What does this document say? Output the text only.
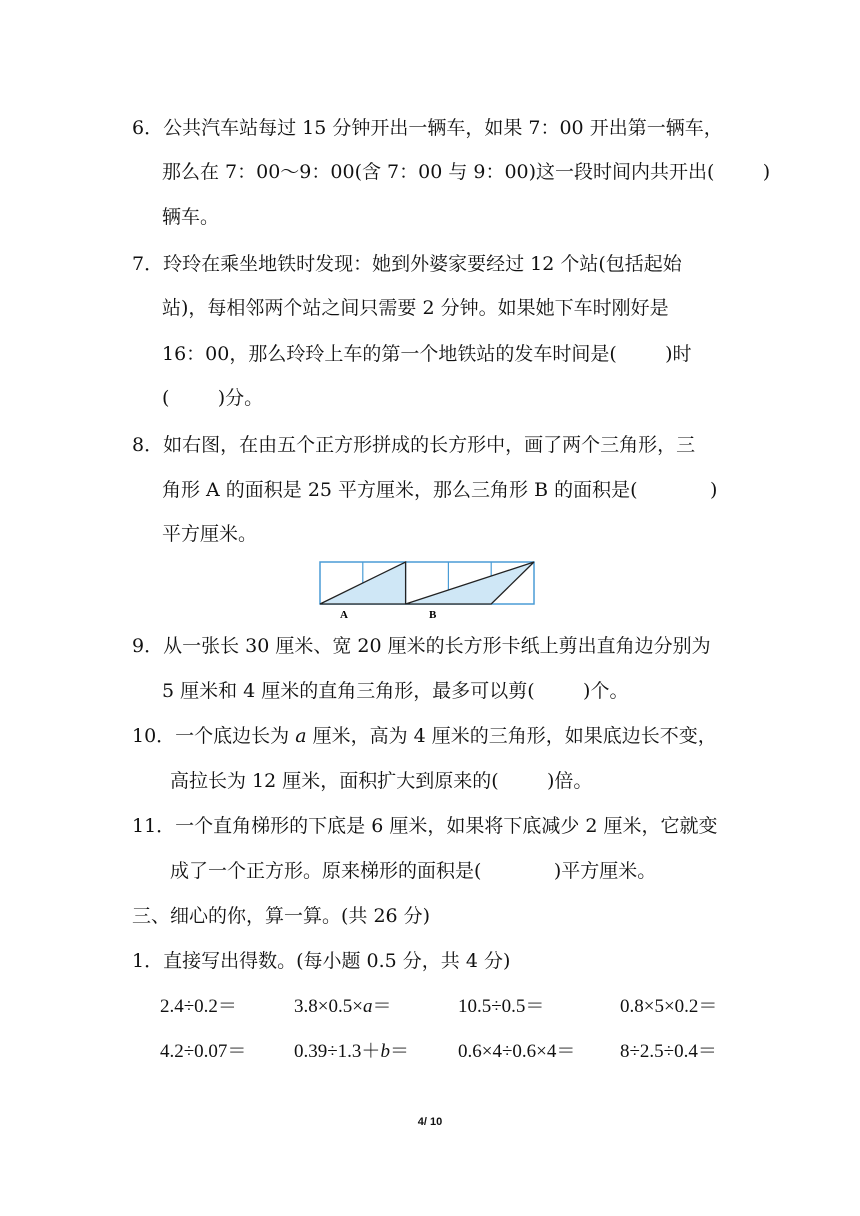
6．公共汽车站每过 15 分钟开出一辆车，如果 7：00 开出第一辆车，
那么在 7：00～9：00(含 7：00 与 9：00)这一段时间内共开出(        )
辆车。
7．玲玲在乘坐地铁时发现：她到外婆家要经过 12 个站(包括起始
站)，每相邻两个站之间只需要 2 分钟。如果她下车时刚好是
16：00，那么玲玲上车的第一个地铁站的发车时间是(        )时
(        )分。
8．如右图，在由五个正方形拼成的长方形中，画了两个三角形，三
角形 A 的面积是 25 平方厘米，那么三角形 B 的面积是(            )
平方厘米。
A	B
9．从一张长 30 厘米、宽 20 厘米的长方形卡纸上剪出直角边分别为
5 厘米和 4 厘米的直角三角形，最多可以剪(        )个。
10．一个底边长为 a 厘米，高为 4 厘米的三角形，如果底边长不变，
高拉长为 12 厘米，面积扩大到原来的(        )倍。
11．一个直角梯形的下底是 6 厘米，如果将下底减少 2 厘米，它就变
成了一个正方形。原来梯形的面积是(            )平方厘米。
三、细心的你，算一算。(共 26 分)
1．直接写出得数。(每小题 0.5 分，共 4 分)
2.4÷0.2＝	3.8×0.5×a＝	10.5÷0.5＝	0.8×5×0.2＝
4.2÷0.07＝	0.39÷1.3＋b＝	0.6×4÷0.6×4＝ 8÷2.5÷0.4＝
4/ 10
